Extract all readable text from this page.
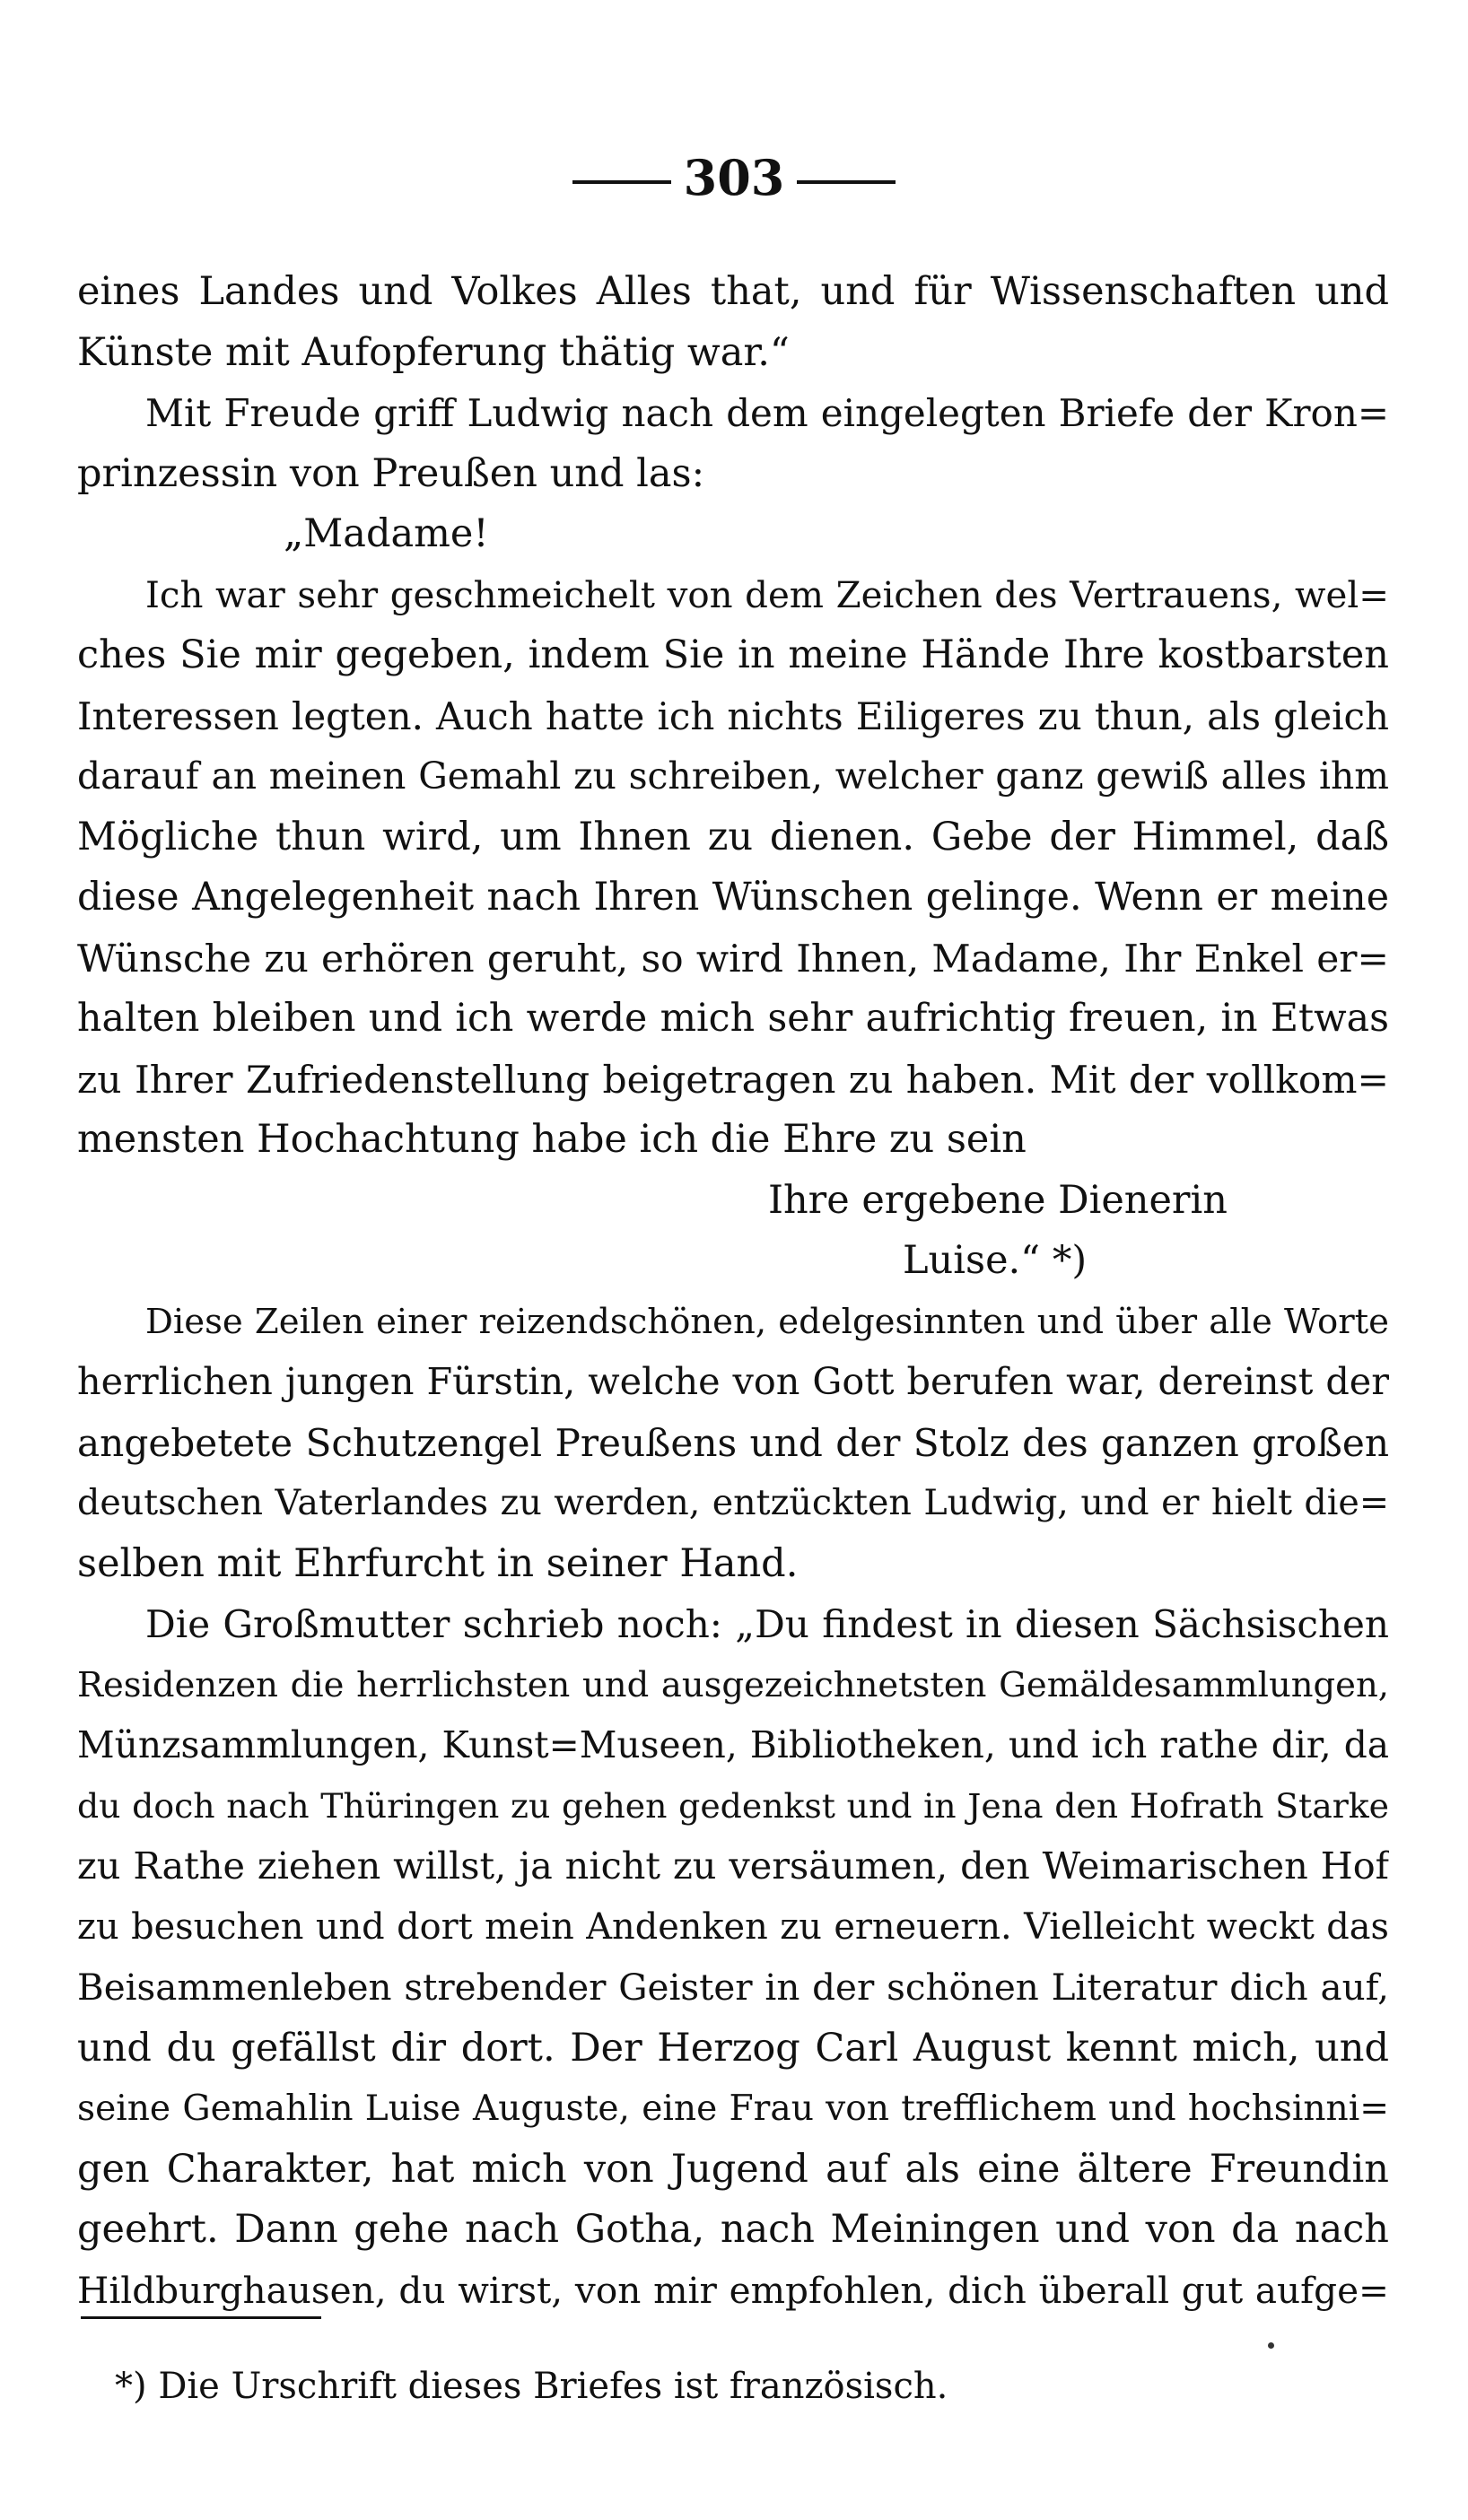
303
eines Landes und Volkes Alles that, und für Wissenschaften und
Künste mit Aufopferung thätig war.“
Mit Freude griff Ludwig nach dem eingelegten Briefe der Kron=
prinzessin von Preußen und las:
„Madame!
Ich war sehr geschmeichelt von dem Zeichen des Vertrauens, wel=
ches Sie mir gegeben, indem Sie in meine Hände Ihre kostbarsten
Interessen legten. Auch hatte ich nichts Eiligeres zu thun, als gleich
darauf an meinen Gemahl zu schreiben, welcher ganz gewiß alles ihm
Mögliche thun wird, um Ihnen zu dienen. Gebe der Himmel, daß
diese Angelegenheit nach Ihren Wünschen gelinge. Wenn er meine
Wünsche zu erhören geruht, so wird Ihnen, Madame, Ihr Enkel er=
halten bleiben und ich werde mich sehr aufrichtig freuen, in Etwas
zu Ihrer Zufriedenstellung beigetragen zu haben. Mit der vollkom=
mensten Hochachtung habe ich die Ehre zu sein
Ihre ergebene Dienerin
Luise.“ *)
Diese Zeilen einer reizendschönen, edelgesinnten und über alle Worte
herrlichen jungen Fürstin, welche von Gott berufen war, dereinst der
angebetete Schutzengel Preußens und der Stolz des ganzen großen
deutschen Vaterlandes zu werden, entzückten Ludwig, und er hielt die=
selben mit Ehrfurcht in seiner Hand.
Die Großmutter schrieb noch: „Du findest in diesen Sächsischen
Residenzen die herrlichsten und ausgezeichnetsten Gemäldesammlungen,
Münzsammlungen, Kunst=Museen, Bibliotheken, und ich rathe dir, da
du doch nach Thüringen zu gehen gedenkst und in Jena den Hofrath Starke
zu Rathe ziehen willst, ja nicht zu versäumen, den Weimarischen Hof
zu besuchen und dort mein Andenken zu erneuern. Vielleicht weckt das
Beisammenleben strebender Geister in der schönen Literatur dich auf,
und du gefällst dir dort. Der Herzog Carl August kennt mich, und
seine Gemahlin Luise Auguste, eine Frau von trefflichem und hochsinni=
gen Charakter, hat mich von Jugend auf als eine ältere Freundin
geehrt. Dann gehe nach Gotha, nach Meiningen und von da nach
Hildburghausen, du wirst, von mir empfohlen, dich überall gut aufge=
*) Die Urschrift dieses Briefes ist französisch.
